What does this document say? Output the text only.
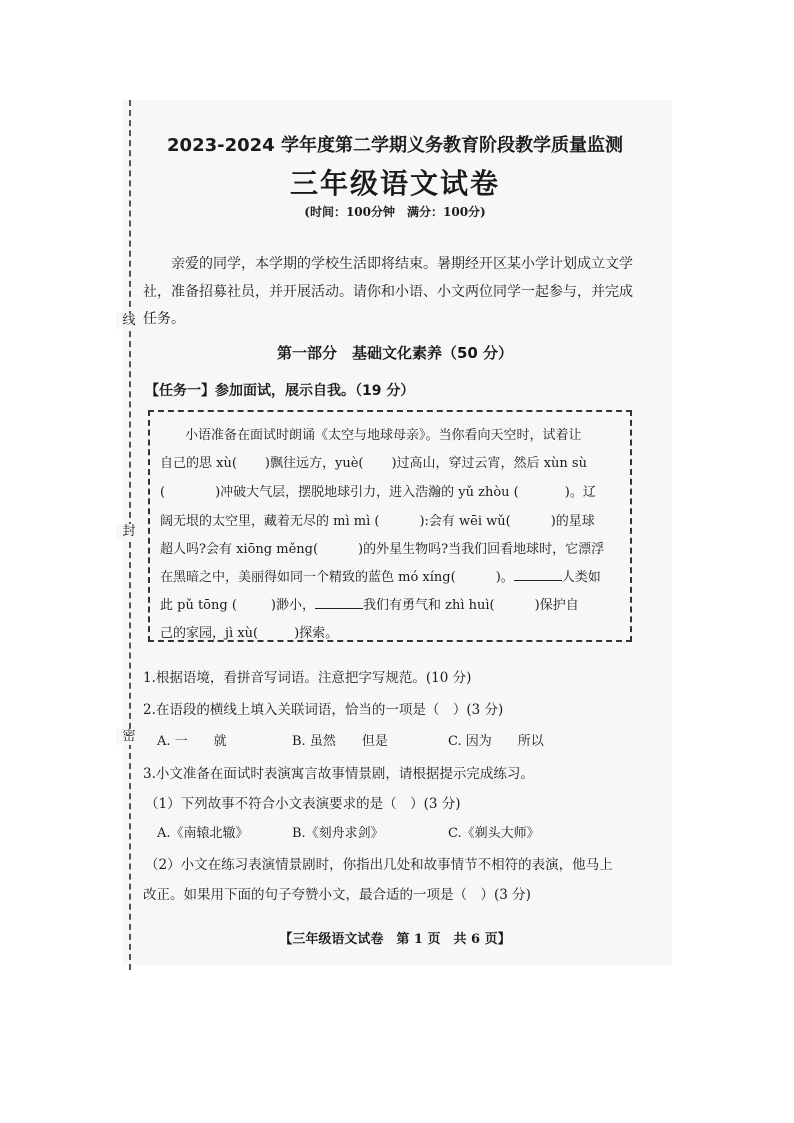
线
封
密
2023-2024 学年度第二学期义务教育阶段教学质量监测
三年级语文试卷
(时间：100分钟　满分：100分)
亲爱的同学，本学期的学校生活即将结束。暑期经开区某小学计划成立文学社，准备招募社员，并开展活动。请你和小语、小文两位同学一起参与，并完成任务。
第一部分　基础文化素养（50 分）
【任务一】参加面试，展示自我。（19 分）
小语准备在面试时朗诵《太空与地球母亲》。当你看向天空时，试着让
自己的思 xù( )飘往远方，yuè( )过高山，穿过云宵，然后 xùn sù
(	)冲破大气层，摆脱地球引力，进入浩瀚的 yǔ zhòu (	)。辽
阔无垠的太空里，藏着无尽的 mì mì (	):会有 wēi wǔ(	)的星球
超人吗?会有 xiōng měng(	)的外星生物吗?当我们回看地球时，它漂浮
在黑暗之中，美丽得如同一个精致的蓝色 mó xíng(	)。	人类如
此 pǔ tōng (	)渺小，	我们有勇气和 zhì huì(	)保护自
己的家园，jì xù(	)探索。
1.根据语境，看拼音写词语。注意把字写规范。(10 分)
2.在语段的横线上填入关联词语，恰当的一项是（　）(3 分)
A. 一　　就	B. 虽然　　但是	C. 因为　　所以
3.小文准备在面试时表演寓言故事情景剧，请根据提示完成练习。
（1）下列故事不符合小文表演要求的是（　）(3 分)
A.《南辕北辙》	B.《刻舟求剑》	C.《剃头大师》
（2）小文在练习表演情景剧时，你指出几处和故事情节不相符的表演，他马上
改正。如果用下面的句子夸赞小文，最合适的一项是（　）(3 分)
【三年级语文试卷　第 1 页　共 6 页】
